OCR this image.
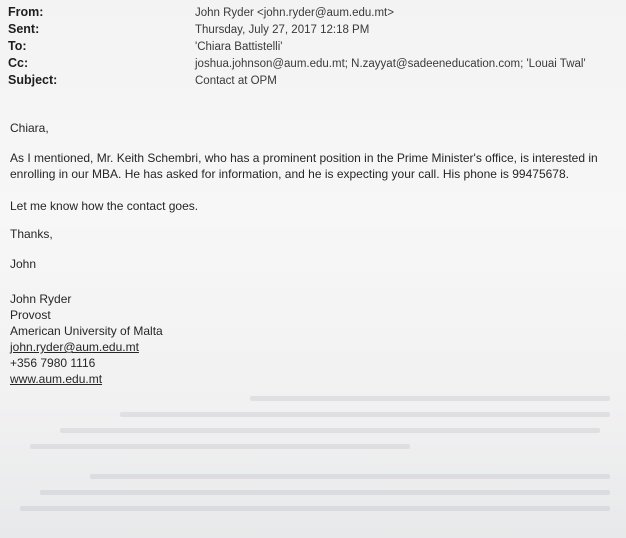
From:	John Ryder <john.ryder@aum.edu.mt>
Sent:	Thursday, July 27, 2017 12:18 PM
To:	'Chiara Battistelli'
Cc:	joshua.johnson@aum.edu.mt; N.zayyat@sadeeneducation.com; 'Louai Twal'
Subject:	Contact at OPM

Chiara,

As I mentioned, Mr. Keith Schembri, who has a prominent position in the Prime Minister's office, is interested in

enrolling in our MBA. He has asked for information, and he is expecting your call. His phone is 99475678.

Let me know how the contact goes.

Thanks,

John

John Ryder

Provost

American University of Malta

john.ryder@aum.edu.mt

+356 7980 1116

www.aum.edu.mt
